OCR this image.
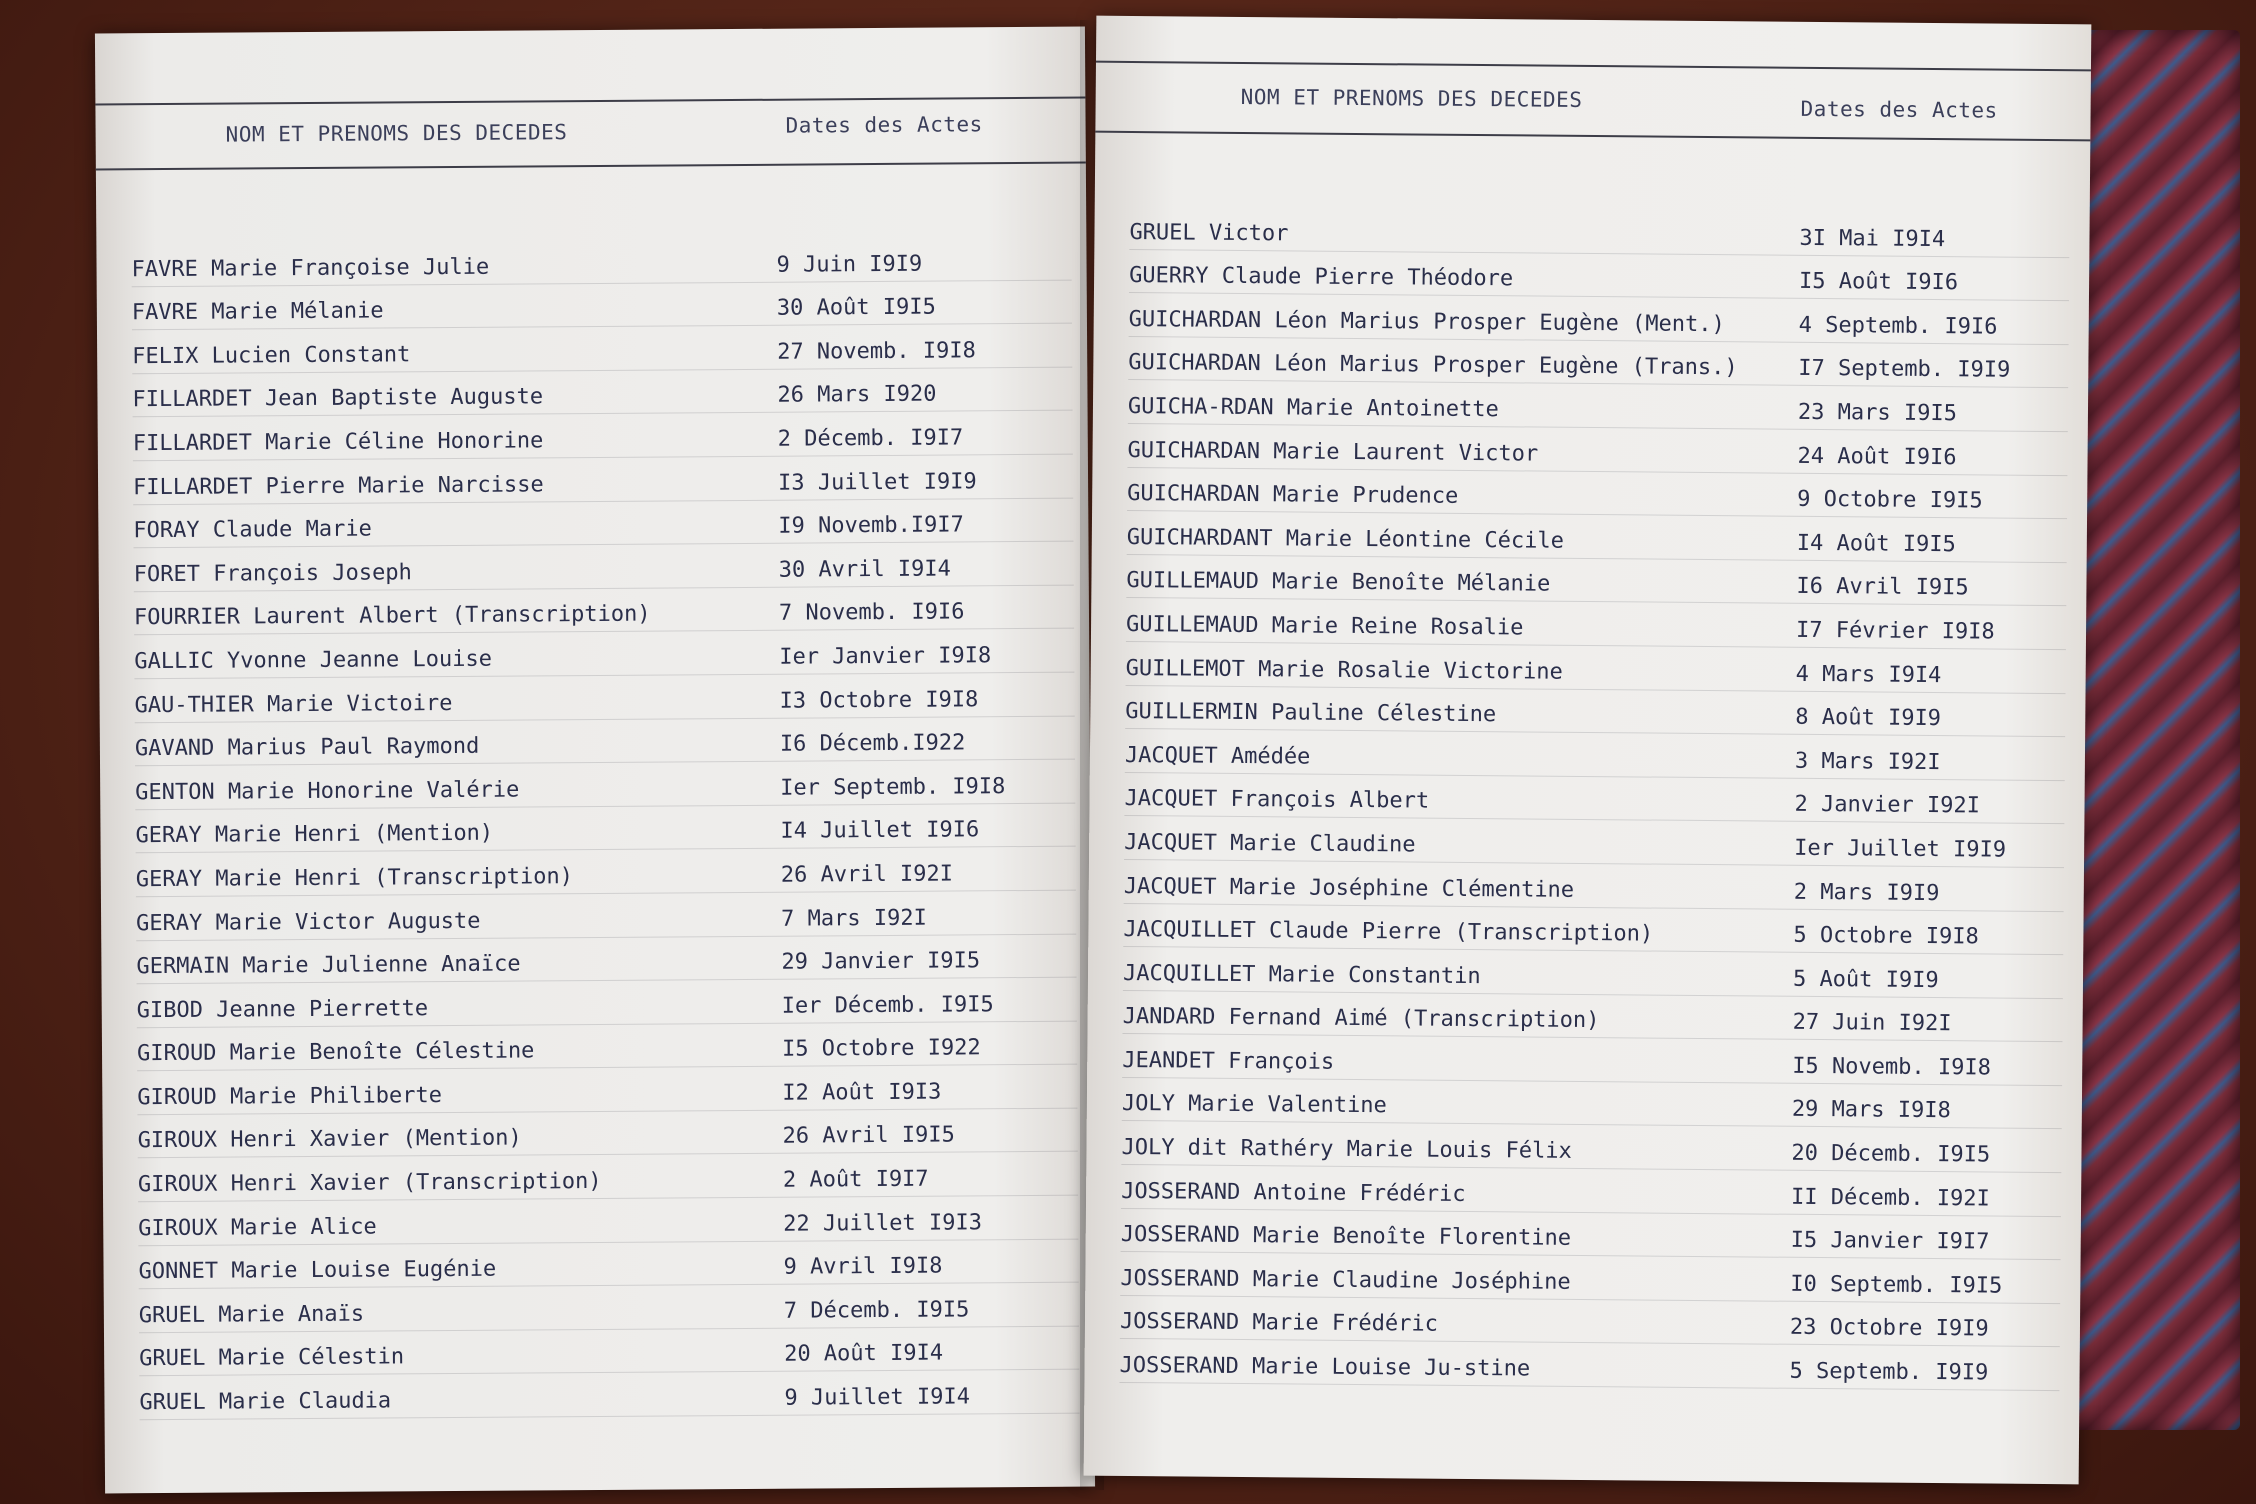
NOM ET PRENOMS DES DECEDES	Dates des Actes
FAVRE Marie Françoise Julie	9 Juin I9I9
FAVRE Marie Mélanie	30 Août I9I5
FELIX Lucien Constant	27 Novemb. I9I8
FILLARDET Jean Baptiste Auguste	26 Mars I920
FILLARDET Marie Céline Honorine	2 Décemb. I9I7
FILLARDET Pierre Marie Narcisse	I3 Juillet I9I9
FORAY Claude Marie	I9 Novemb.I9I7
FORET François Joseph	30 Avril I9I4
FOURRIER Laurent Albert (Transcription)	7 Novemb. I9I6
GALLIC Yvonne Jeanne Louise	Ier Janvier I9I8
GAU-THIER Marie Victoire	I3 Octobre I9I8
GAVAND Marius Paul Raymond	I6 Décemb.I922
GENTON Marie Honorine Valérie	Ier Septemb. I9I8
GERAY Marie Henri (Mention)	I4 Juillet I9I6
GERAY Marie Henri (Transcription)	26 Avril I92I
GERAY Marie Victor Auguste	7 Mars I92I
GERMAIN Marie Julienne Anaïce	29 Janvier I9I5
GIBOD Jeanne Pierrette	Ier Décemb. I9I5
GIROUD Marie Benoîte Célestine	I5 Octobre I922
GIROUD Marie Philiberte	I2 Août I9I3
GIROUX Henri Xavier (Mention)	26 Avril I9I5
GIROUX Henri Xavier (Transcription)	2 Août I9I7
GIROUX Marie Alice	22 Juillet I9I3
GONNET Marie Louise Eugénie	9 Avril I9I8
GRUEL Marie Anaïs	7 Décemb. I9I5
GRUEL Marie Célestin	20 Août I9I4
GRUEL Marie Claudia	9 Juillet I9I4
NOM ET PRENOMS DES DECEDES	Dates des Actes
GRUEL Victor	3I Mai I9I4
GUERRY Claude Pierre Théodore	I5 Août I9I6
GUICHARDAN Léon Marius Prosper Eugène (Ment.)	4 Septemb. I9I6
GUICHARDAN Léon Marius Prosper Eugène (Trans.)	I7 Septemb. I9I9
GUICHA-RDAN Marie Antoinette	23 Mars I9I5
GUICHARDAN Marie Laurent Victor	24 Août I9I6
GUICHARDAN Marie Prudence	9 Octobre I9I5
GUICHARDANT Marie Léontine Cécile	I4 Août I9I5
GUILLEMAUD Marie Benoîte Mélanie	I6 Avril I9I5
GUILLEMAUD Marie Reine Rosalie	I7 Février I9I8
GUILLEMOT Marie Rosalie Victorine	4 Mars I9I4
GUILLERMIN Pauline Célestine	8 Août I9I9
JACQUET Amédée	3 Mars I92I
JACQUET François Albert	2 Janvier I92I
JACQUET Marie Claudine	Ier Juillet I9I9
JACQUET Marie Joséphine Clémentine	2 Mars I9I9
JACQUILLET Claude Pierre (Transcription)	5 Octobre I9I8
JACQUILLET Marie Constantin	5 Août I9I9
JANDARD Fernand Aimé (Transcription)	27 Juin I92I
JEANDET François	I5 Novemb. I9I8
JOLY Marie Valentine	29 Mars I9I8
JOLY dit Rathéry Marie Louis Félix	20 Décemb. I9I5
JOSSERAND Antoine Frédéric	II Décemb. I92I
JOSSERAND Marie Benoîte Florentine	I5 Janvier I9I7
JOSSERAND Marie Claudine Joséphine	I0 Septemb. I9I5
JOSSERAND Marie Frédéric	23 Octobre I9I9
JOSSERAND Marie Louise Ju-stine	5 Septemb. I9I9
